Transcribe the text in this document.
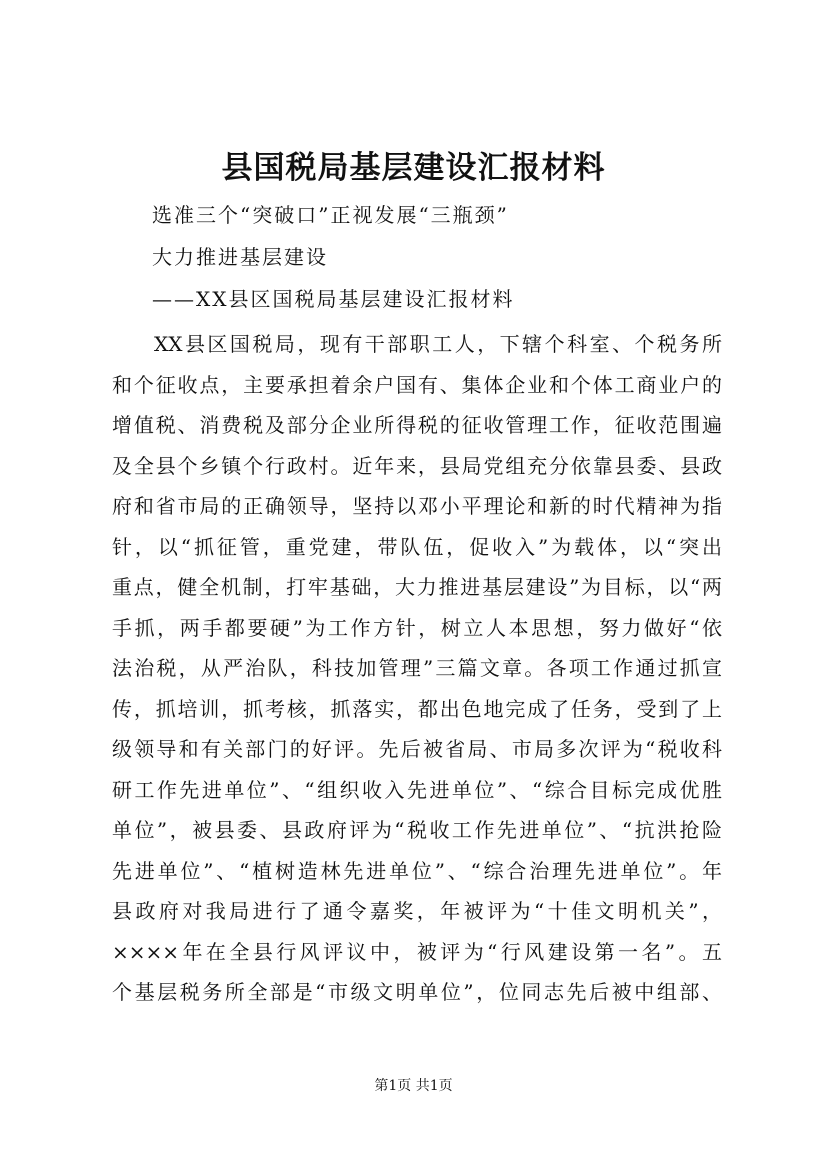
县国税局基层建设汇报材料
选准三个“突破口”正视发展“三瓶颈”
大力推进基层建设
——XX县区国税局基层建设汇报材料
XX县区国税局，现有干部职工人，下辖个科室、个税务所
和个征收点，主要承担着余户国有、集体企业和个体工商业户的
增值税、消费税及部分企业所得税的征收管理工作，征收范围遍
及全县个乡镇个行政村。近年来，县局党组充分依靠县委、县政
府和省市局的正确领导，坚持以邓小平理论和新的时代精神为指
针，以“抓征管，重党建，带队伍，促收入”为载体，以“突出
重点，健全机制，打牢基础，大力推进基层建设”为目标，以“两
手抓，两手都要硬”为工作方针，树立人本思想，努力做好“依
法治税，从严治队，科技加管理”三篇文章。各项工作通过抓宣
传，抓培训，抓考核，抓落实，都出色地完成了任务，受到了上
级领导和有关部门的好评。先后被省局、市局多次评为“税收科
研工作先进单位”、“组织收入先进单位”、“综合目标完成优胜
单位”，被县委、县政府评为“税收工作先进单位”、“抗洪抢险
先进单位”、“植树造林先进单位”、“综合治理先进单位”。年
县政府对我局进行了通令嘉奖，年被评为“十佳文明机关”，
××××年在全县行风评议中，被评为“行风建设第一名”。五
个基层税务所全部是“市级文明单位”，位同志先后被中组部、
第1页 共1页
